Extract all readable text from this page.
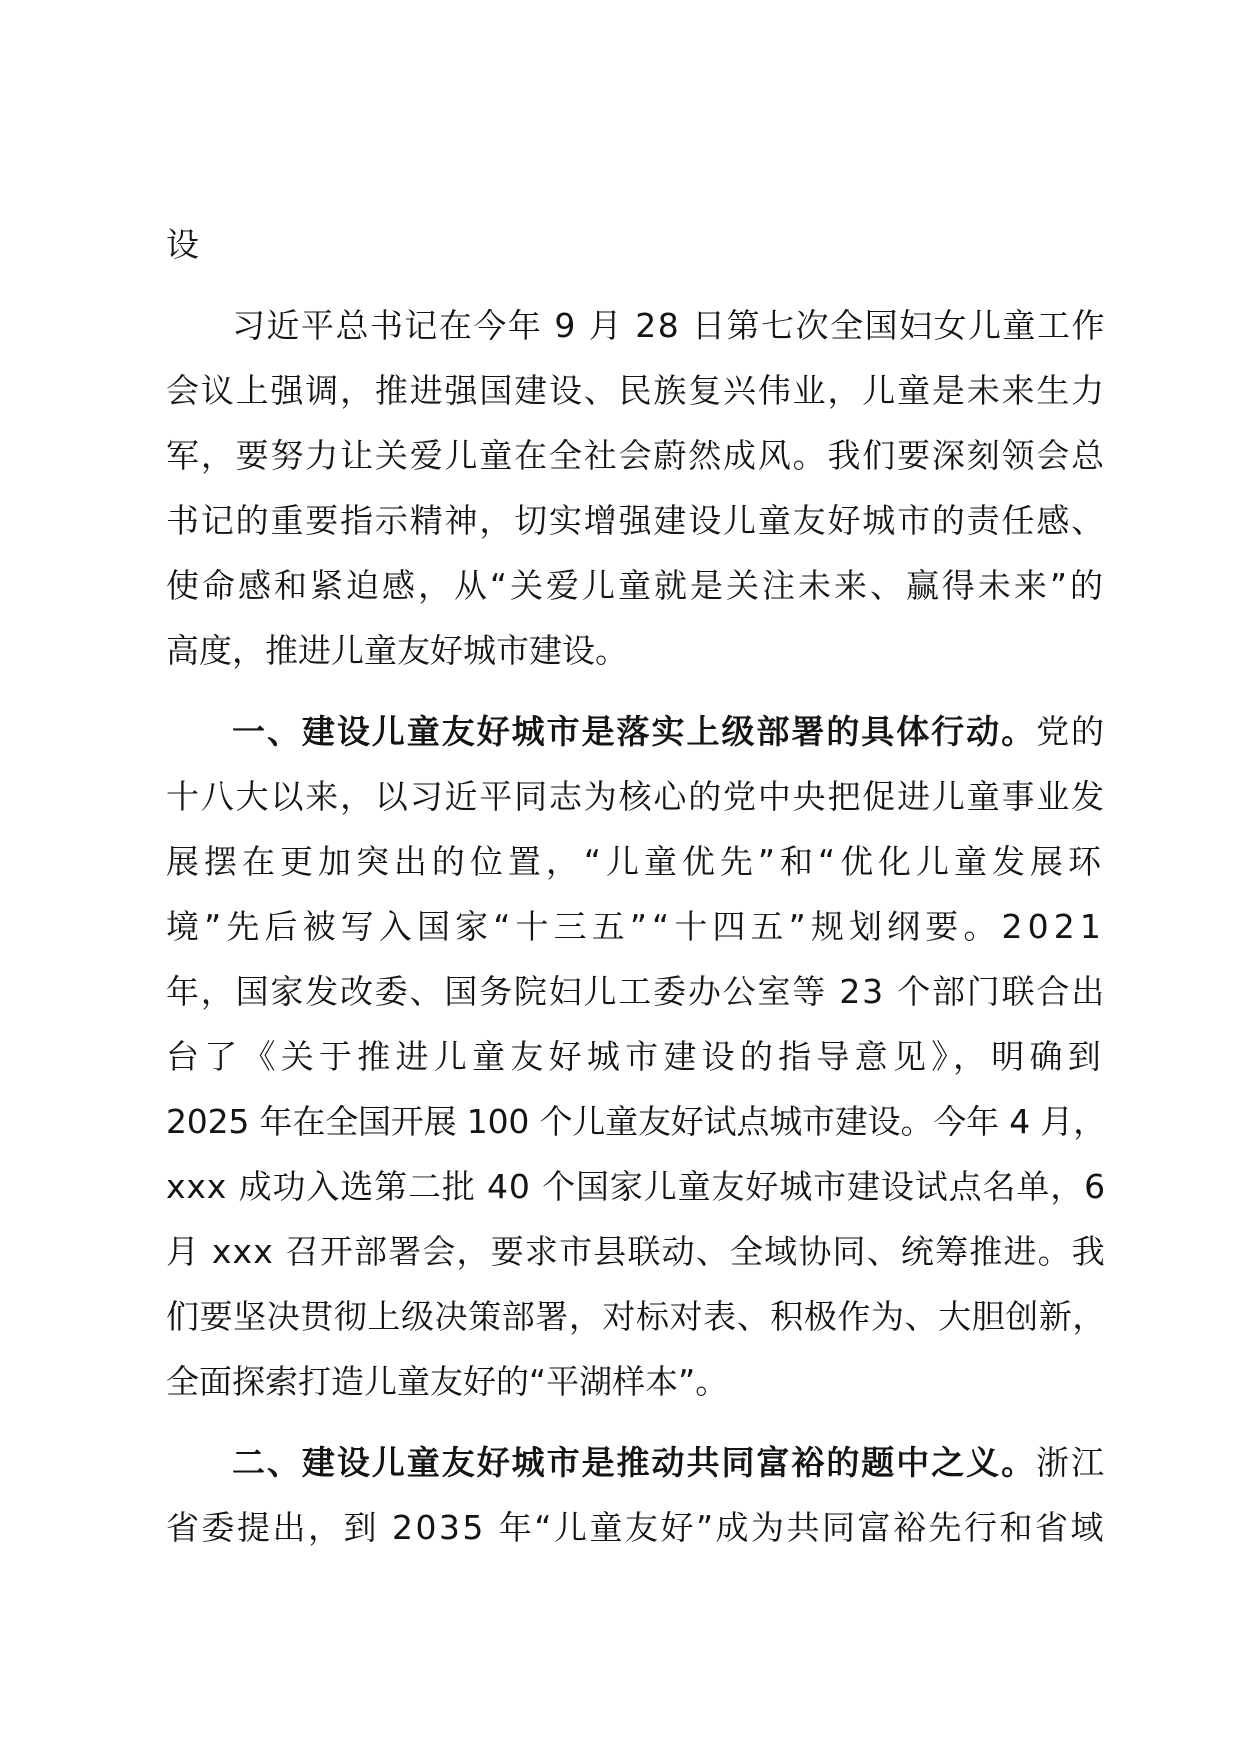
设
习近平总书记在今年 9 月 28 日第七次全国妇女儿童工作
会议上强调，推进强国建设、民族复兴伟业，儿童是未来生力
军，要努力让关爱儿童在全社会蔚然成风。我们要深刻领会总
书记的重要指示精神，切实增强建设儿童友好城市的责任感、
使命感和紧迫感，从“关爱儿童就是关注未来、赢得未来”的
高度，推进儿童友好城市建设。
一、建设儿童友好城市是落实上级部署的具体行动。 党的
十八大以来，以习近平同志为核心的党中央把促进儿童事业发
展摆在更加突出的位置，“儿童优先”和“优化儿童发展环
境”先后被写入国家“十三五”“十四五”规划纲要。2021
年，国家发改委、国务院妇儿工委办公室等 23 个部门联合出
台了《关于推进儿童友好城市建设的指导意见》，明确到
2025 年在全国开展 100 个儿童友好试点城市建设。今年 4 月，
xxx 成功入选第二批 40 个国家儿童友好城市建设试点名单，6
月 xxx 召开部署会，要求市县联动、全域协同、统筹推进。我
们要坚决贯彻上级决策部署，对标对表、积极作为、大胆创新，
全面探索打造儿童友好的“平湖样本”。
二、建设儿童友好城市是推动共同富裕的题中之义。 浙江
省委提出，到 2035 年“儿童友好”成为共同富裕先行和省域
